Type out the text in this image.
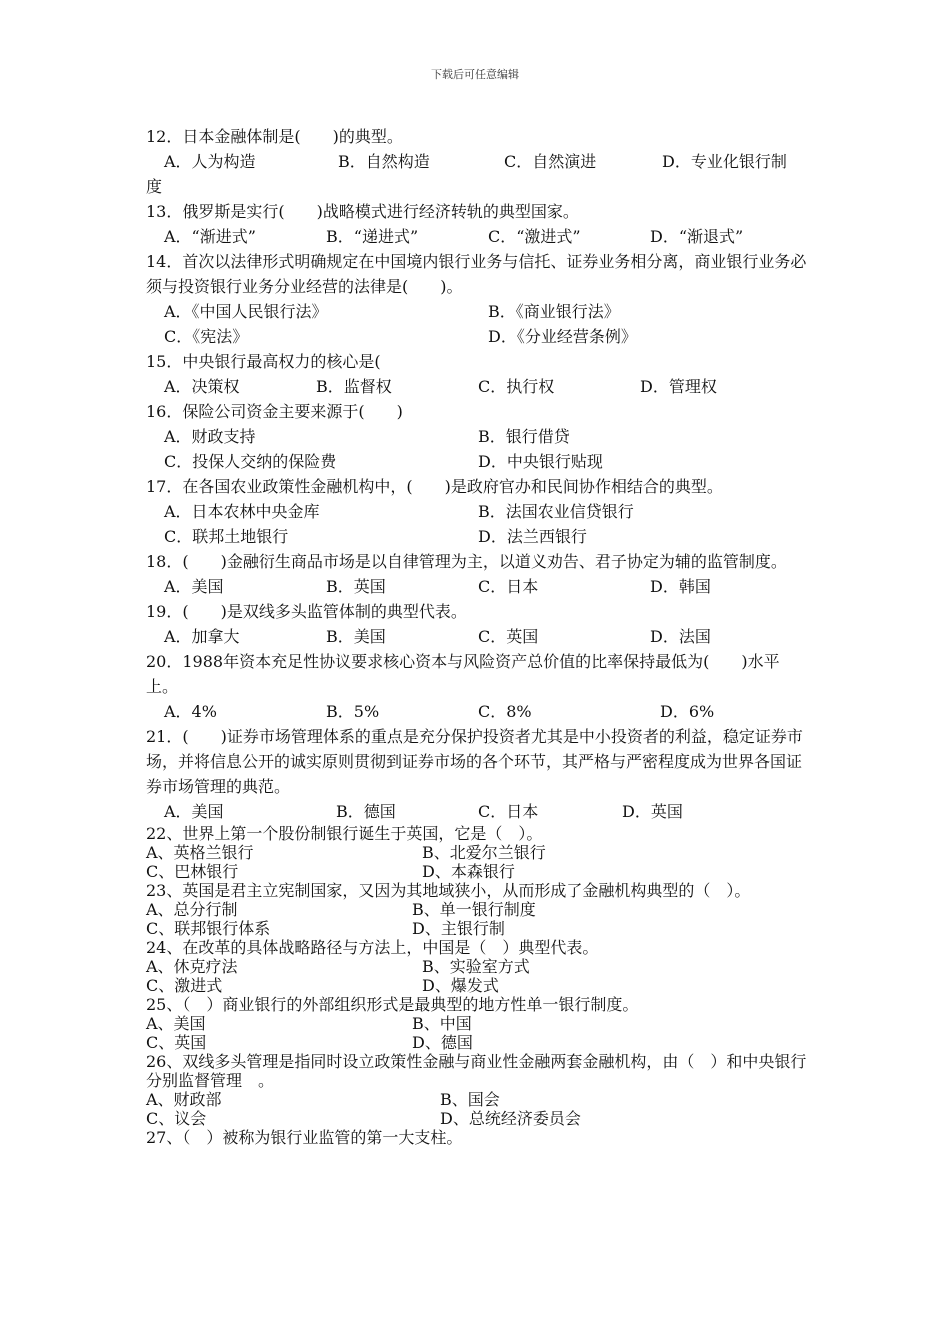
下载后可任意编辑

12．日本金融体制是(　　)的典型。

A．人为构造	B．自然构造	C．自然演进	D．专业化银行制

度

13．俄罗斯是实行(　　)战略模式进行经济转轨的典型国家。

A．“渐进式”	B．“递进式”	C．“激进式”	D．“渐退式”

14．首次以法律形式明确规定在中国境内银行业务与信托、证券业务相分离，商业银行业务必须与投资银行业务分业经营的法律是(　　)。

A．《中国人民银行法》	B．《商业银行法》
C．《宪法》	D．《分业经营条例》

15．中央银行最高权力的核心是(

A．决策权	B．监督权	C．执行权	D．管理权

16．保险公司资金主要来源于(　　)

A．财政支持	B．银行借贷
C．投保人交纳的保险费	D．中央银行贴现

17．在各国农业政策性金融机构中，(　　)是政府官办和民间协作相结合的典型。

A．日本农林中央金库	B．法国农业信贷银行
C．联邦土地银行	D．法兰西银行

18．(　　)金融衍生商品市场是以自律管理为主，以道义劝告、君子协定为辅的监管制度。

A．美国	B．英国	C．日本	D．韩国

19．(　　)是双线多头监管体制的典型代表。

A．加拿大	B．美国	C．英国	D．法国

20．1988年资本充足性协议要求核心资本与风险资产总价值的比率保持最低为(　　)水平上。

A．4%	B．5%	C．8%	D．6%

21．(　　)证券市场管理体系的重点是充分保护投资者尤其是中小投资者的利益，稳定证券市场，并将信息公开的诚实原则贯彻到证券市场的各个环节，其严格与严密程度成为世界各国证券市场管理的典范。

A．美国	B．德国	C．日本	D．英国

22、世界上第一个股份制银行诞生于英国，它是（　）。

A、英格兰银行	B、北爱尔兰银行
C、巴林银行	D、本森银行

23、英国是君主立宪制国家，又因为其地域狭小，从而形成了金融机构典型的（　）。

A、总分行制	B、单一银行制度
C、联邦银行体系	D、主银行制

24、在改革的具体战略路径与方法上，中国是（　）典型代表。

A、休克疗法	B、实验室方式
C、激进式	D、爆发式

25、（　）商业银行的外部组织形式是最典型的地方性单一银行制度。

A、美国	B、中国
C、英国	D、德国

26、双线多头管理是指同时设立政策性金融与商业性金融两套金融机构，由（　）和中央银行分别监督管理　。

A、财政部	B、国会
C、议会	D、总统经济委员会

27、（　）被称为银行业监管的第一大支柱。
